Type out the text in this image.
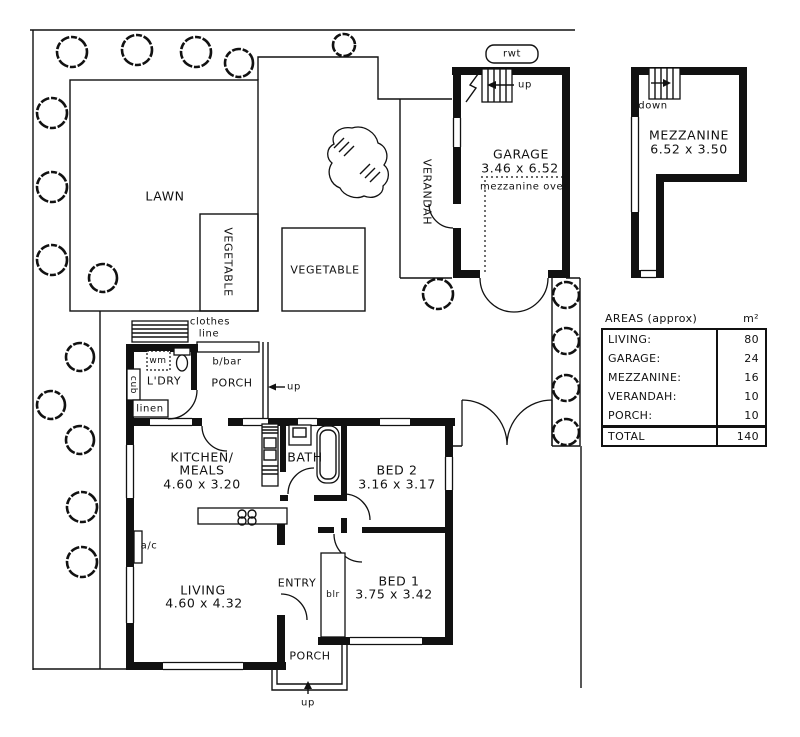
LAWN
VEGETABLE	VEGETABLE
VERANDAH
rwt
up
GARAGE
3.46 x 6.52
mezzanine over
down
MEZZANINE
6.52 x 3.50
clothes
line
wm
cub L'DRY
linen
b/bar
PORCH	up
KITCHEN/
MEALS
4.60 x 3.20
BATH
BED 2
3.16 x 3.17
a/c
LIVING
4.60 x 4.32
ENTRY
blr
BED 1
3.75 x 3.42
PORCH
up
AREAS (approx)	m²
LIVING:	80
GARAGE:	24
MEZZANINE:	16
VERANDAH:	10
PORCH:	10
TOTAL	140
